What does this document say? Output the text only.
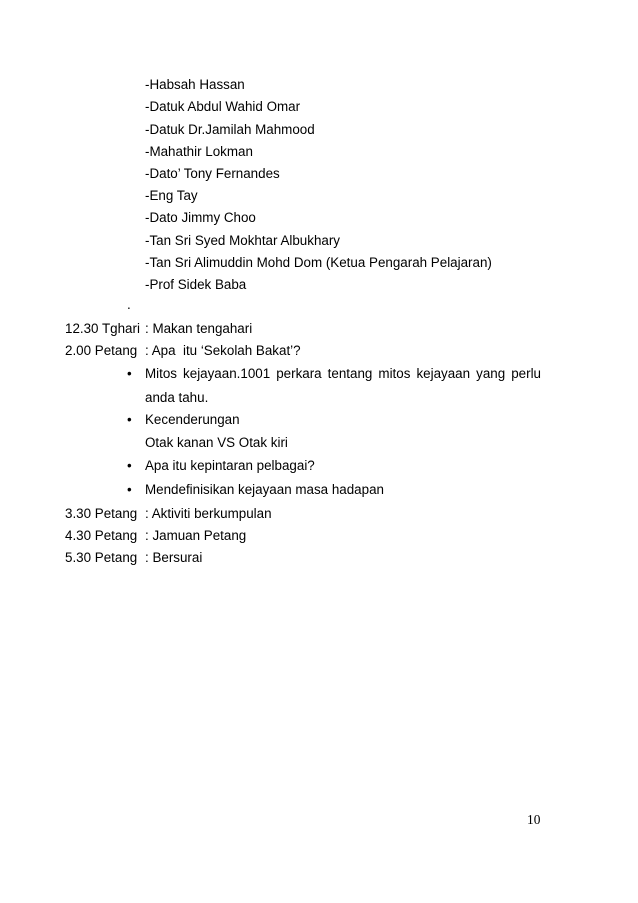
-Habsah Hassan
-Datuk Abdul Wahid Omar
-Datuk Dr.Jamilah Mahmood
-Mahathir Lokman
-Dato’ Tony Fernandes
-Eng Tay
-Dato Jimmy Choo
-Tan Sri Syed Mokhtar Albukhary
-Tan Sri Alimuddin Mohd Dom (Ketua Pengarah Pelajaran)
-Prof Sidek Baba
.
12.30 Tghari : Makan tengahari
2.00 Petang : Apa  itu ‘Sekolah Bakat’?
• Mitos kejayaan.1001 perkara tentang mitos kejayaan yang perlu
anda tahu.
• Kecenderungan
Otak kanan VS Otak kiri
• Apa itu kepintaran pelbagai?
• Mendefinisikan kejayaan masa hadapan
3.30 Petang : Aktiviti berkumpulan
4.30 Petang : Jamuan Petang
5.30 Petang : Bersurai
10
